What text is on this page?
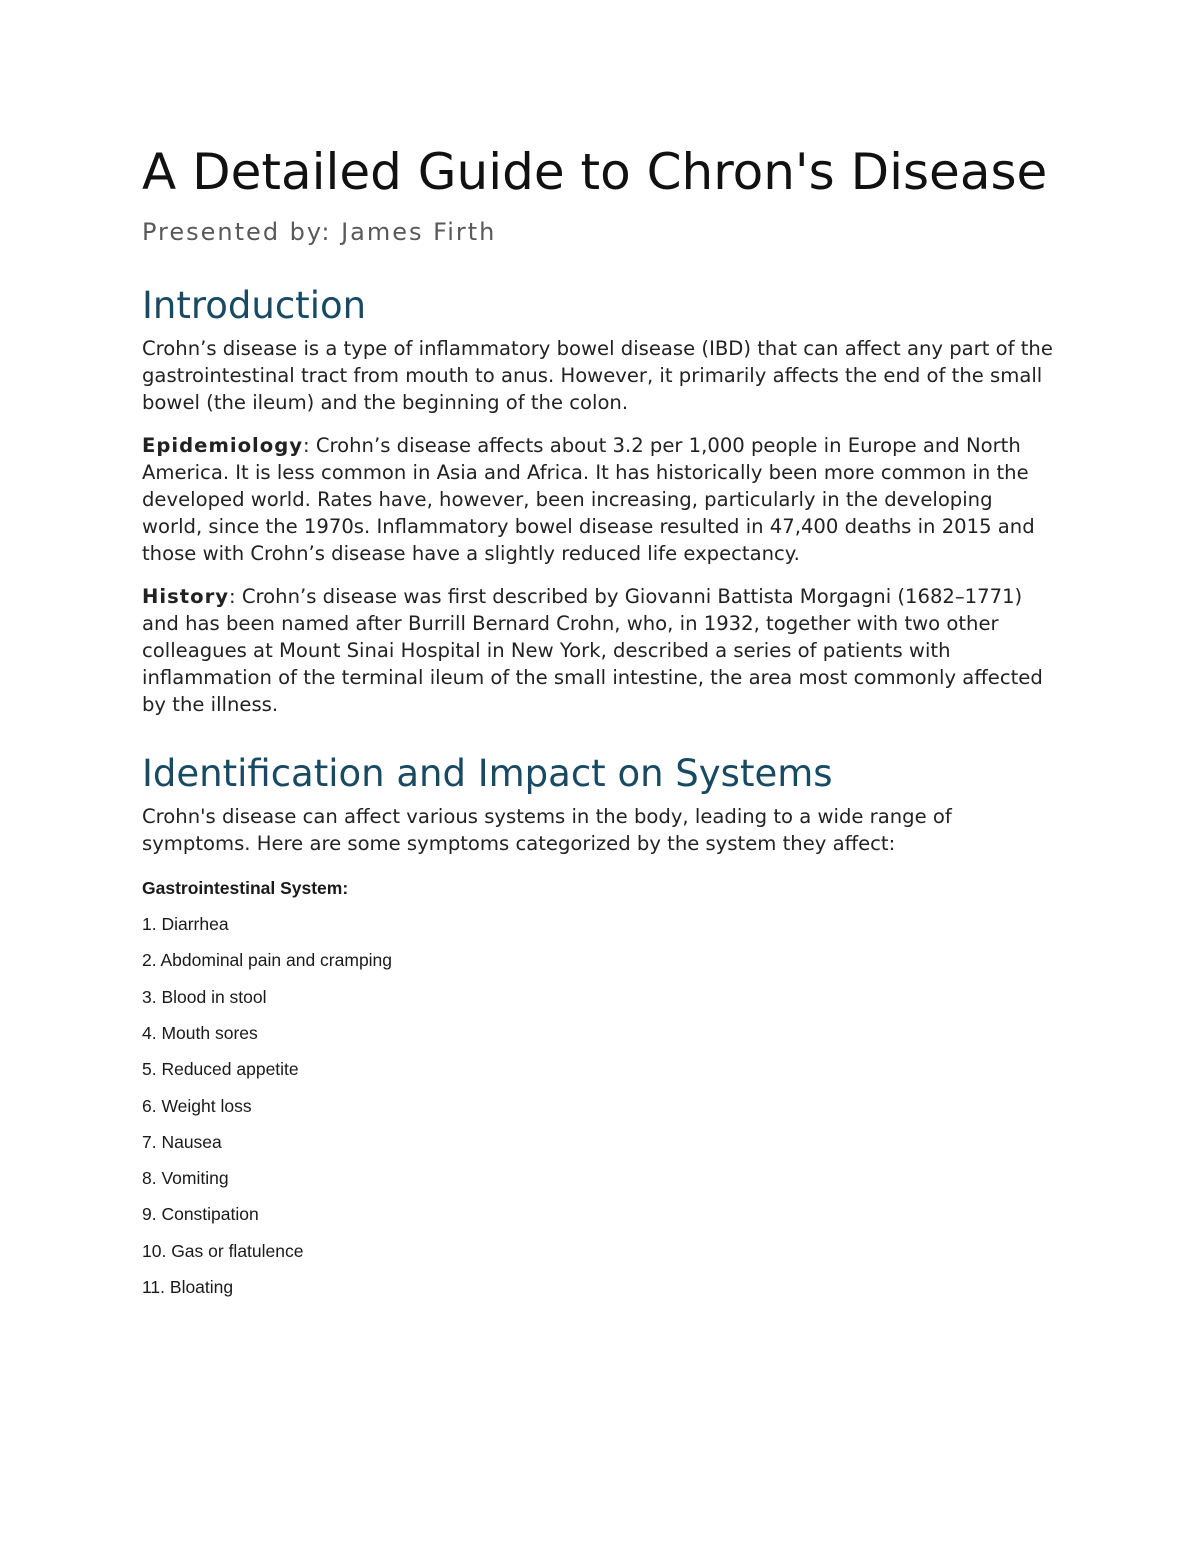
A Detailed Guide to Chron's Disease
Presented by: James Firth
Introduction

Crohn’s disease is a type of inflammatory bowel disease (IBD) that can affect any part of the gastrointestinal tract from mouth to anus. However, it primarily affects the end of the small bowel (the ileum) and the beginning of the colon.

Epidemiology: Crohn’s disease affects about 3.2 per 1,000 people in Europe and North America. It is less common in Asia and Africa. It has historically been more common in the developed world. Rates have, however, been increasing, particularly in the developing world, since the 1970s. Inflammatory bowel disease resulted in 47,400 deaths in 2015 and those with Crohn’s disease have a slightly reduced life expectancy.

History: Crohn’s disease was first described by Giovanni Battista Morgagni (1682–1771) and has been named after Burrill Bernard Crohn, who, in 1932, together with two other colleagues at Mount Sinai Hospital in New York, described a series of patients with inflammation of the terminal ileum of the small intestine, the area most commonly affected by the illness.

Identification and Impact on Systems

Crohn's disease can affect various systems in the body, leading to a wide range of symptoms. Here are some symptoms categorized by the system they affect:

Gastrointestinal System:
1. Diarrhea
2. Abdominal pain and cramping
3. Blood in stool
4. Mouth sores
5. Reduced appetite
6. Weight loss
7. Nausea
8. Vomiting
9. Constipation
10. Gas or flatulence
11. Bloating
